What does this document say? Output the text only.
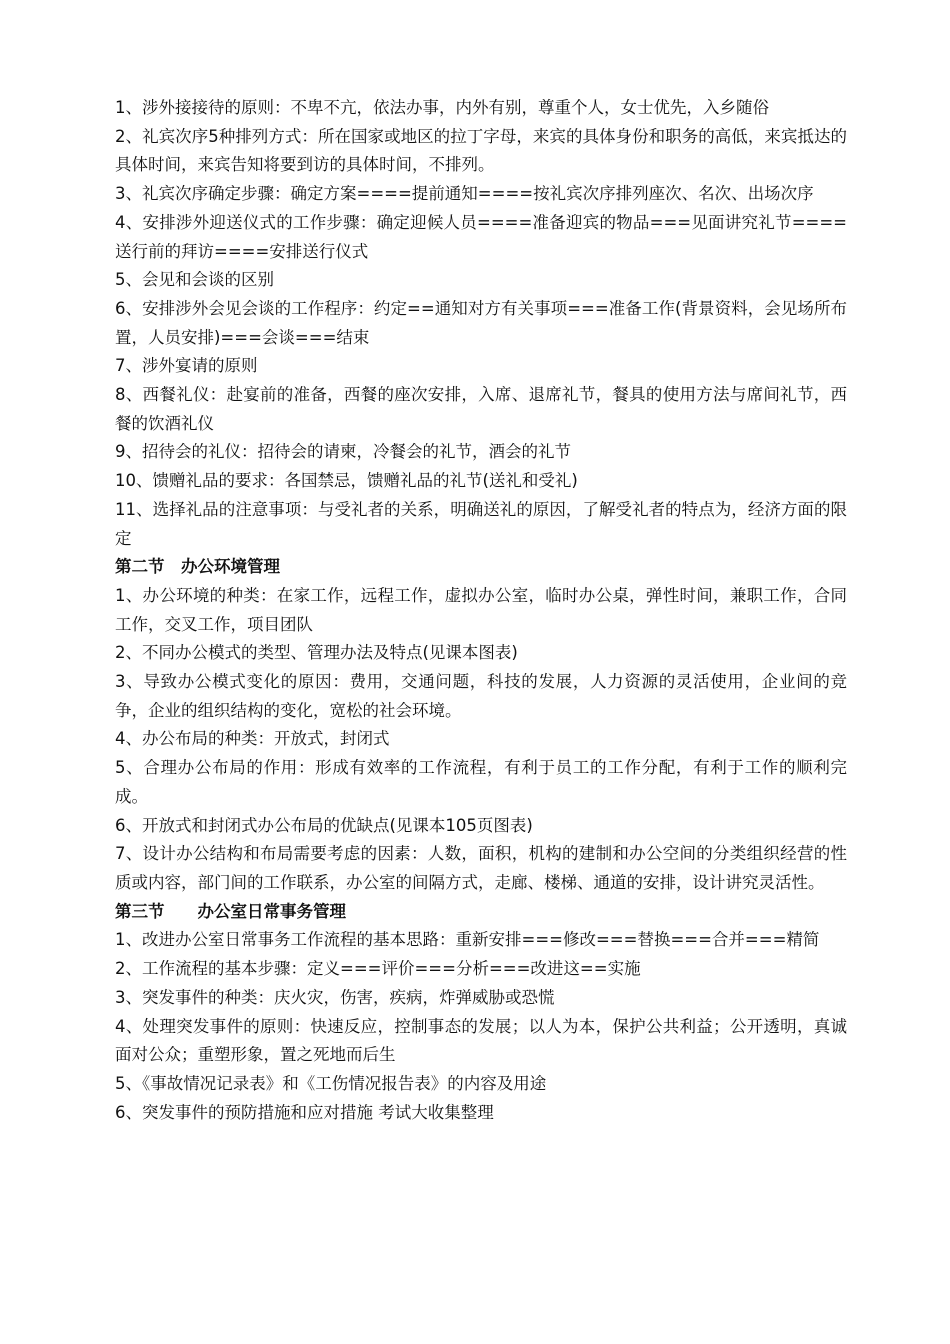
1、涉外接接待的原则：不卑不亢，依法办事，内外有别，尊重个人，女士优先，入乡随俗

2、礼宾次序5种排列方式：所在国家或地区的拉丁字母，来宾的具体身份和职务的高低，来宾抵达的具体时间，来宾告知将要到访的具体时间，不排列。

3、礼宾次序确定步骤：确定方案====提前通知====按礼宾次序排列座次、名次、出场次序

4、安排涉外迎送仪式的工作步骤：确定迎候人员====准备迎宾的物品===见面讲究礼节====送行前的拜访====安排送行仪式

5、会见和会谈的区别

6、安排涉外会见会谈的工作程序：约定==通知对方有关事项===准备工作(背景资料，会见场所布置，人员安排)===会谈===结束

7、涉外宴请的原则

8、西餐礼仪：赴宴前的准备，西餐的座次安排，入席、退席礼节，餐具的使用方法与席间礼节，西餐的饮酒礼仪

9、招待会的礼仪：招待会的请柬，冷餐会的礼节，酒会的礼节

10、馈赠礼品的要求：各国禁忌，馈赠礼品的礼节(送礼和受礼)

11、选择礼品的注意事项：与受礼者的关系，明确送礼的原因，了解受礼者的特点为，经济方面的限定

第二节　办公环境管理

1、办公环境的种类：在家工作，远程工作，虚拟办公室，临时办公桌，弹性时间，兼职工作，合同工作，交叉工作，项目团队

2、不同办公模式的类型、管理办法及特点(见课本图表)

3、导致办公模式变化的原因：费用，交通问题，科技的发展，人力资源的灵活使用，企业间的竞争，企业的组织结构的变化，宽松的社会环境。

4、办公布局的种类：开放式，封闭式

5、合理办公布局的作用：形成有效率的工作流程，有利于员工的工作分配，有利于工作的顺利完成。

6、开放式和封闭式办公布局的优缺点(见课本105页图表)

7、设计办公结构和布局需要考虑的因素：人数，面积，机构的建制和办公空间的分类组织经营的性质或内容，部门间的工作联系，办公室的间隔方式，走廊、楼梯、通道的安排，设计讲究灵活性。

第三节　　办公室日常事务管理

1、改进办公室日常事务工作流程的基本思路：重新安排===修改===替换===合并===精简

2、工作流程的基本步骤：定义===评价===分析===改进这==实施

3、突发事件的种类：庆火灾，伤害，疾病，炸弹威胁或恐慌

4、处理突发事件的原则：快速反应，控制事态的发展；以人为本，保护公共利益；公开透明，真诚面对公众；重塑形象，置之死地而后生

5、《事故情况记录表》和《工伤情况报告表》的内容及用途

6、突发事件的预防措施和应对措施 考试大收集整理
